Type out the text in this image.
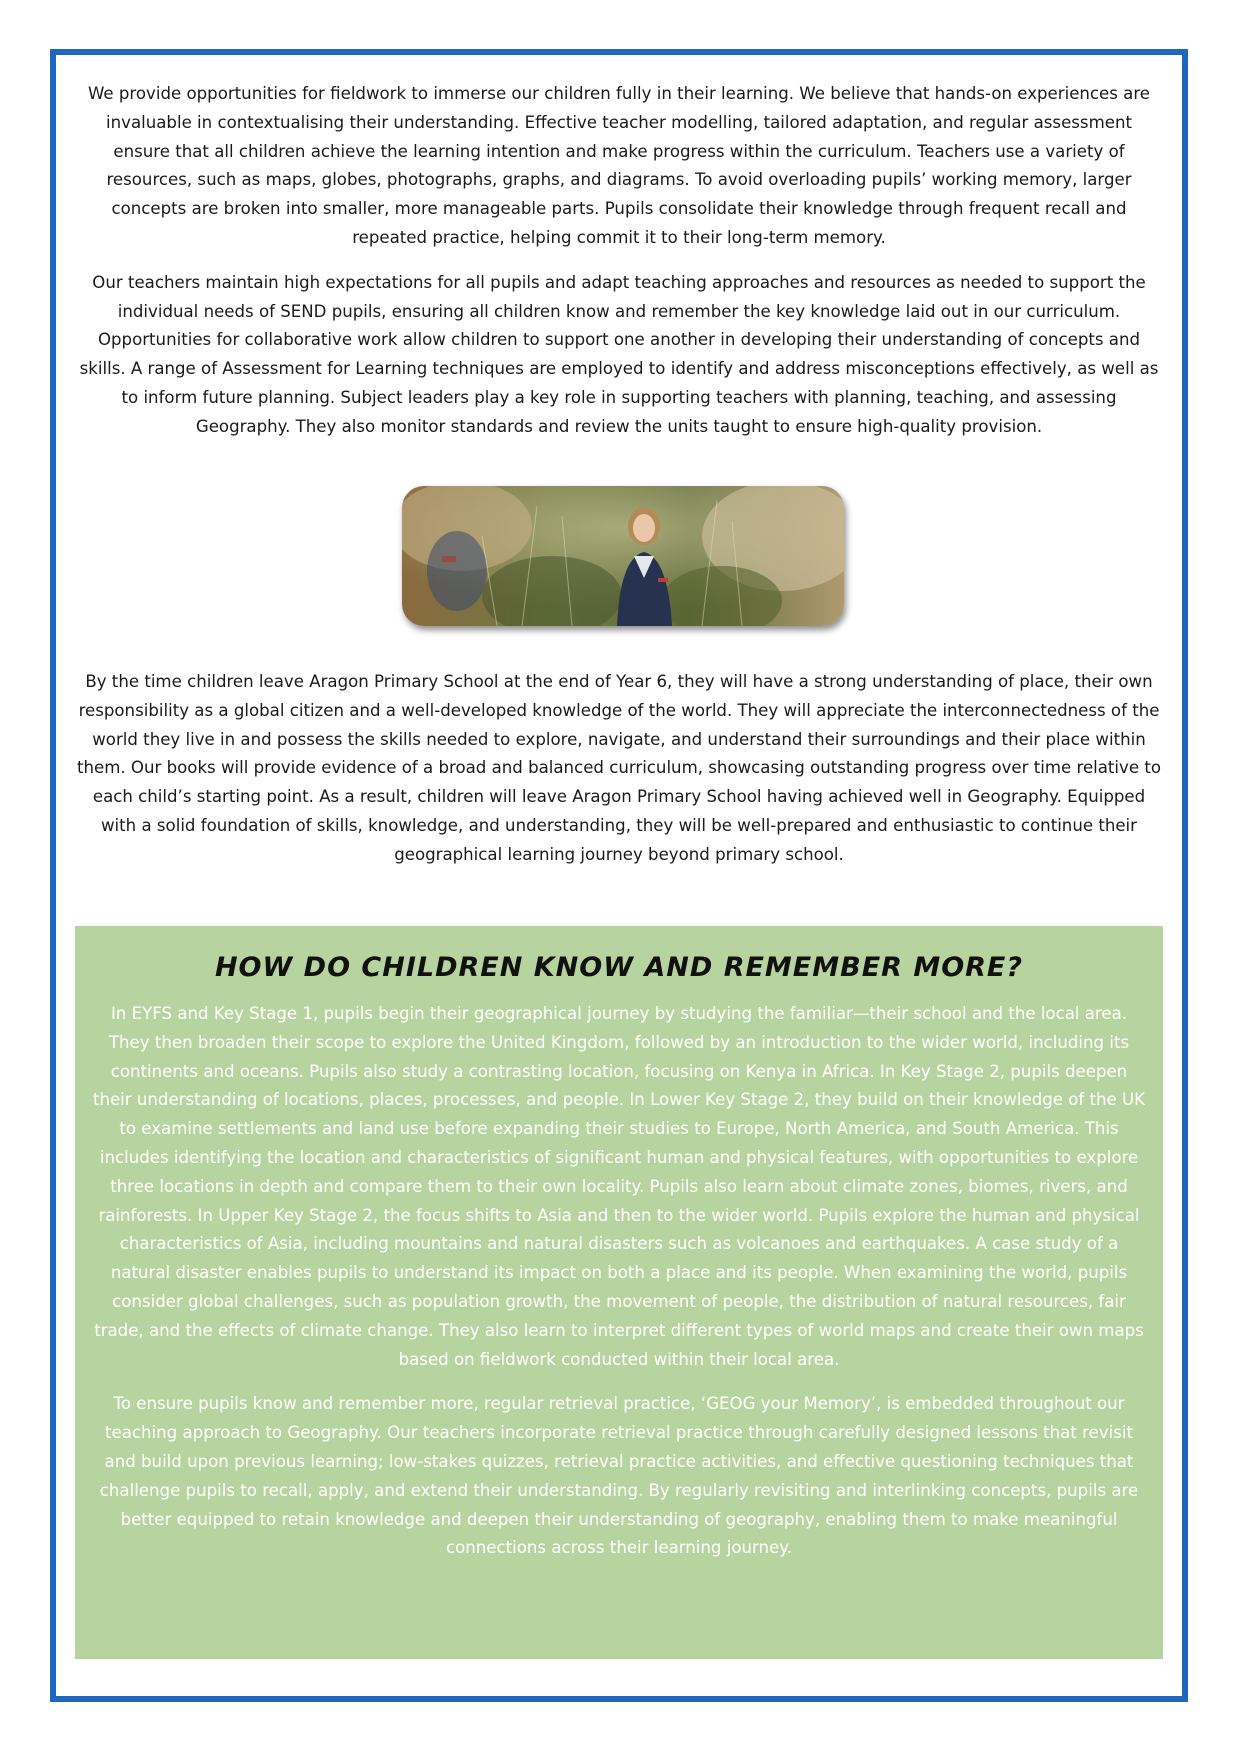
We provide opportunities for fieldwork to immerse our children fully in their learning. We believe that hands-on experiences are invaluable in contextualising their understanding. Effective teacher modelling, tailored adaptation, and regular assessment ensure that all children achieve the learning intention and make progress within the curriculum. Teachers use a variety of resources, such as maps, globes, photographs, graphs, and diagrams. To avoid overloading pupils’ working memory, larger concepts are broken into smaller, more manageable parts. Pupils consolidate their knowledge through frequent recall and repeated practice, helping commit it to their long-term memory.

Our teachers maintain high expectations for all pupils and adapt teaching approaches and resources as needed to support the individual needs of SEND pupils, ensuring all children know and remember the key knowledge laid out in our curriculum. Opportunities for collaborative work allow children to support one another in developing their understanding of concepts and skills. A range of Assessment for Learning techniques are employed to identify and address misconceptions effectively, as well as to inform future planning. Subject leaders play a key role in supporting teachers with planning, teaching, and assessing Geography. They also monitor standards and review the units taught to ensure high-quality provision.

By the time children leave Aragon Primary School at the end of Year 6, they will have a strong understanding of place, their own responsibility as a global citizen and a well-developed knowledge of the world. They will appreciate the interconnectedness of the world they live in and possess the skills needed to explore, navigate, and understand their surroundings and their place within them. Our books will provide evidence of a broad and balanced curriculum, showcasing outstanding progress over time relative to each child’s starting point. As a result, children will leave Aragon Primary School having achieved well in Geography. Equipped with a solid foundation of skills, knowledge, and understanding, they will be well-prepared and enthusiastic to continue their geographical learning journey beyond primary school.

HOW DO CHILDREN KNOW AND REMEMBER MORE?

In EYFS and Key Stage 1, pupils begin their geographical journey by studying the familiar—their school and the local area. They then broaden their scope to explore the United Kingdom, followed by an introduction to the wider world, including its continents and oceans. Pupils also study a contrasting location, focusing on Kenya in Africa. In Key Stage 2, pupils deepen their understanding of locations, places, processes, and people. In Lower Key Stage 2, they build on their knowledge of the UK to examine settlements and land use before expanding their studies to Europe, North America, and South America. This includes identifying the location and characteristics of significant human and physical features, with opportunities to explore three locations in depth and compare them to their own locality. Pupils also learn about climate zones, biomes, rivers, and rainforests. In Upper Key Stage 2, the focus shifts to Asia and then to the wider world. Pupils explore the human and physical characteristics of Asia, including mountains and natural disasters such as volcanoes and earthquakes. A case study of a natural disaster enables pupils to understand its impact on both a place and its people. When examining the world, pupils consider global challenges, such as population growth, the movement of people, the distribution of natural resources, fair trade, and the effects of climate change. They also learn to interpret different types of world maps and create their own maps based on fieldwork conducted within their local area.

To ensure pupils know and remember more, regular retrieval practice, ‘GEOG your Memory’, is embedded throughout our teaching approach to Geography. Our teachers incorporate retrieval practice through carefully designed lessons that revisit and build upon previous learning; low-stakes quizzes, retrieval practice activities, and effective questioning techniques that challenge pupils to recall, apply, and extend their understanding. By regularly revisiting and interlinking concepts, pupils are better equipped to retain knowledge and deepen their understanding of geography, enabling them to make meaningful connections across their learning journey.
